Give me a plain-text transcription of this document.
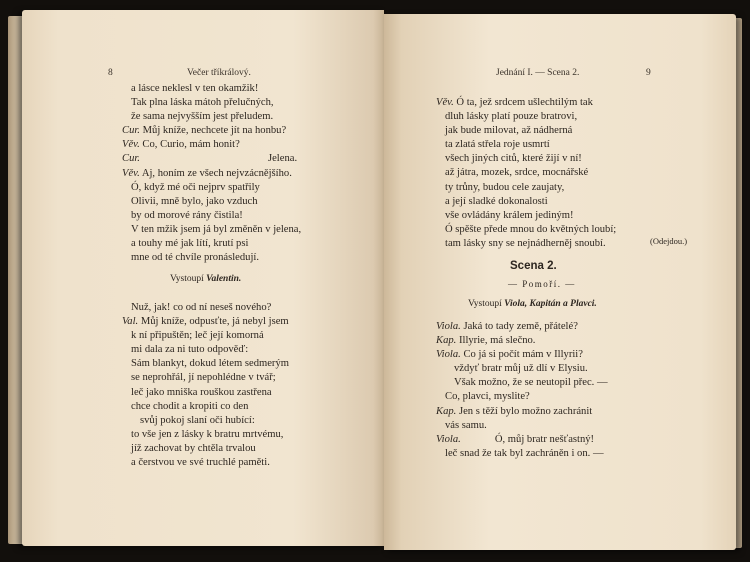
8	Večer tříkrálový.
a lásce neklesl v ten okamžik!
Tak plna láska mátoh přelučných,
že sama nejvyšším jest přeludem.
Cur. Můj kníže, nechcete jít na honbu?
Věv. Co, Curio, mám honit?
Cur.	Jelena.
Věv. Aj, honím ze všech nejvzácnějšího.
Ó, když mé oči nejprv spatřily
Olivii, mně bylo, jako vzduch
by od morové rány čistila!
V ten mžik jsem já byl změněn v jelena,
a touhy mé jak lítí, krutí psi
mne od té chvíle pronásledují.
Vystoupí Valentin.
Nuž, jak! co od ní neseš nového?
Val. Můj kníže, odpusťte, já nebyl jsem
k ní připuštěn; leč její komorná
mi dala za ni tuto odpověď:
Sám blankyt, dokud létem sedmerým
se neprohřál, jí nepohlédne v tvář;
leč jako mniška rouškou zastřena
chce chodit a kropiti co den
svůj pokoj slaní oči hubící:
to vše jen z lásky k bratru mrtvému,
jíž zachovat by chtěla trvalou
a čerstvou ve své truchlé paměti.
Jednání I. — Scena 2.	9
Věv. Ó ta, jež srdcem ušlechtilým tak
dluh lásky platí pouze bratrovi,
jak bude milovat, až nádherná
ta zlatá střela roje usmrtí
všech jiných citů, které žijí v ní!
až játra, mozek, srdce, mocnářské
ty trůny, budou cele zaujaty,
a její sladké dokonalosti
vše ovládány králem jediným!
Ó spěšte přede mnou do květných loubí;
tam lásky sny se nejnádherněj snoubí.	(Odejdou.)
Scena 2.
— Pomoří. —
Vystoupí Viola, Kapitán a Plavci.
Viola. Jaká to tady země, přátelé?
Kap. Illyrie, má slečno.
Viola. Co já si počít mám v Illyrii?
vždyť bratr můj už dlí v Elysiu.
Však možno, že se neutopil přec. —
Co, plavci, myslite?
Kap. Jen s těží bylo možno zachránit
vás samu.
Viola.	Ó, můj bratr nešťastný!
leč snad že tak byl zachráněn i on. —
